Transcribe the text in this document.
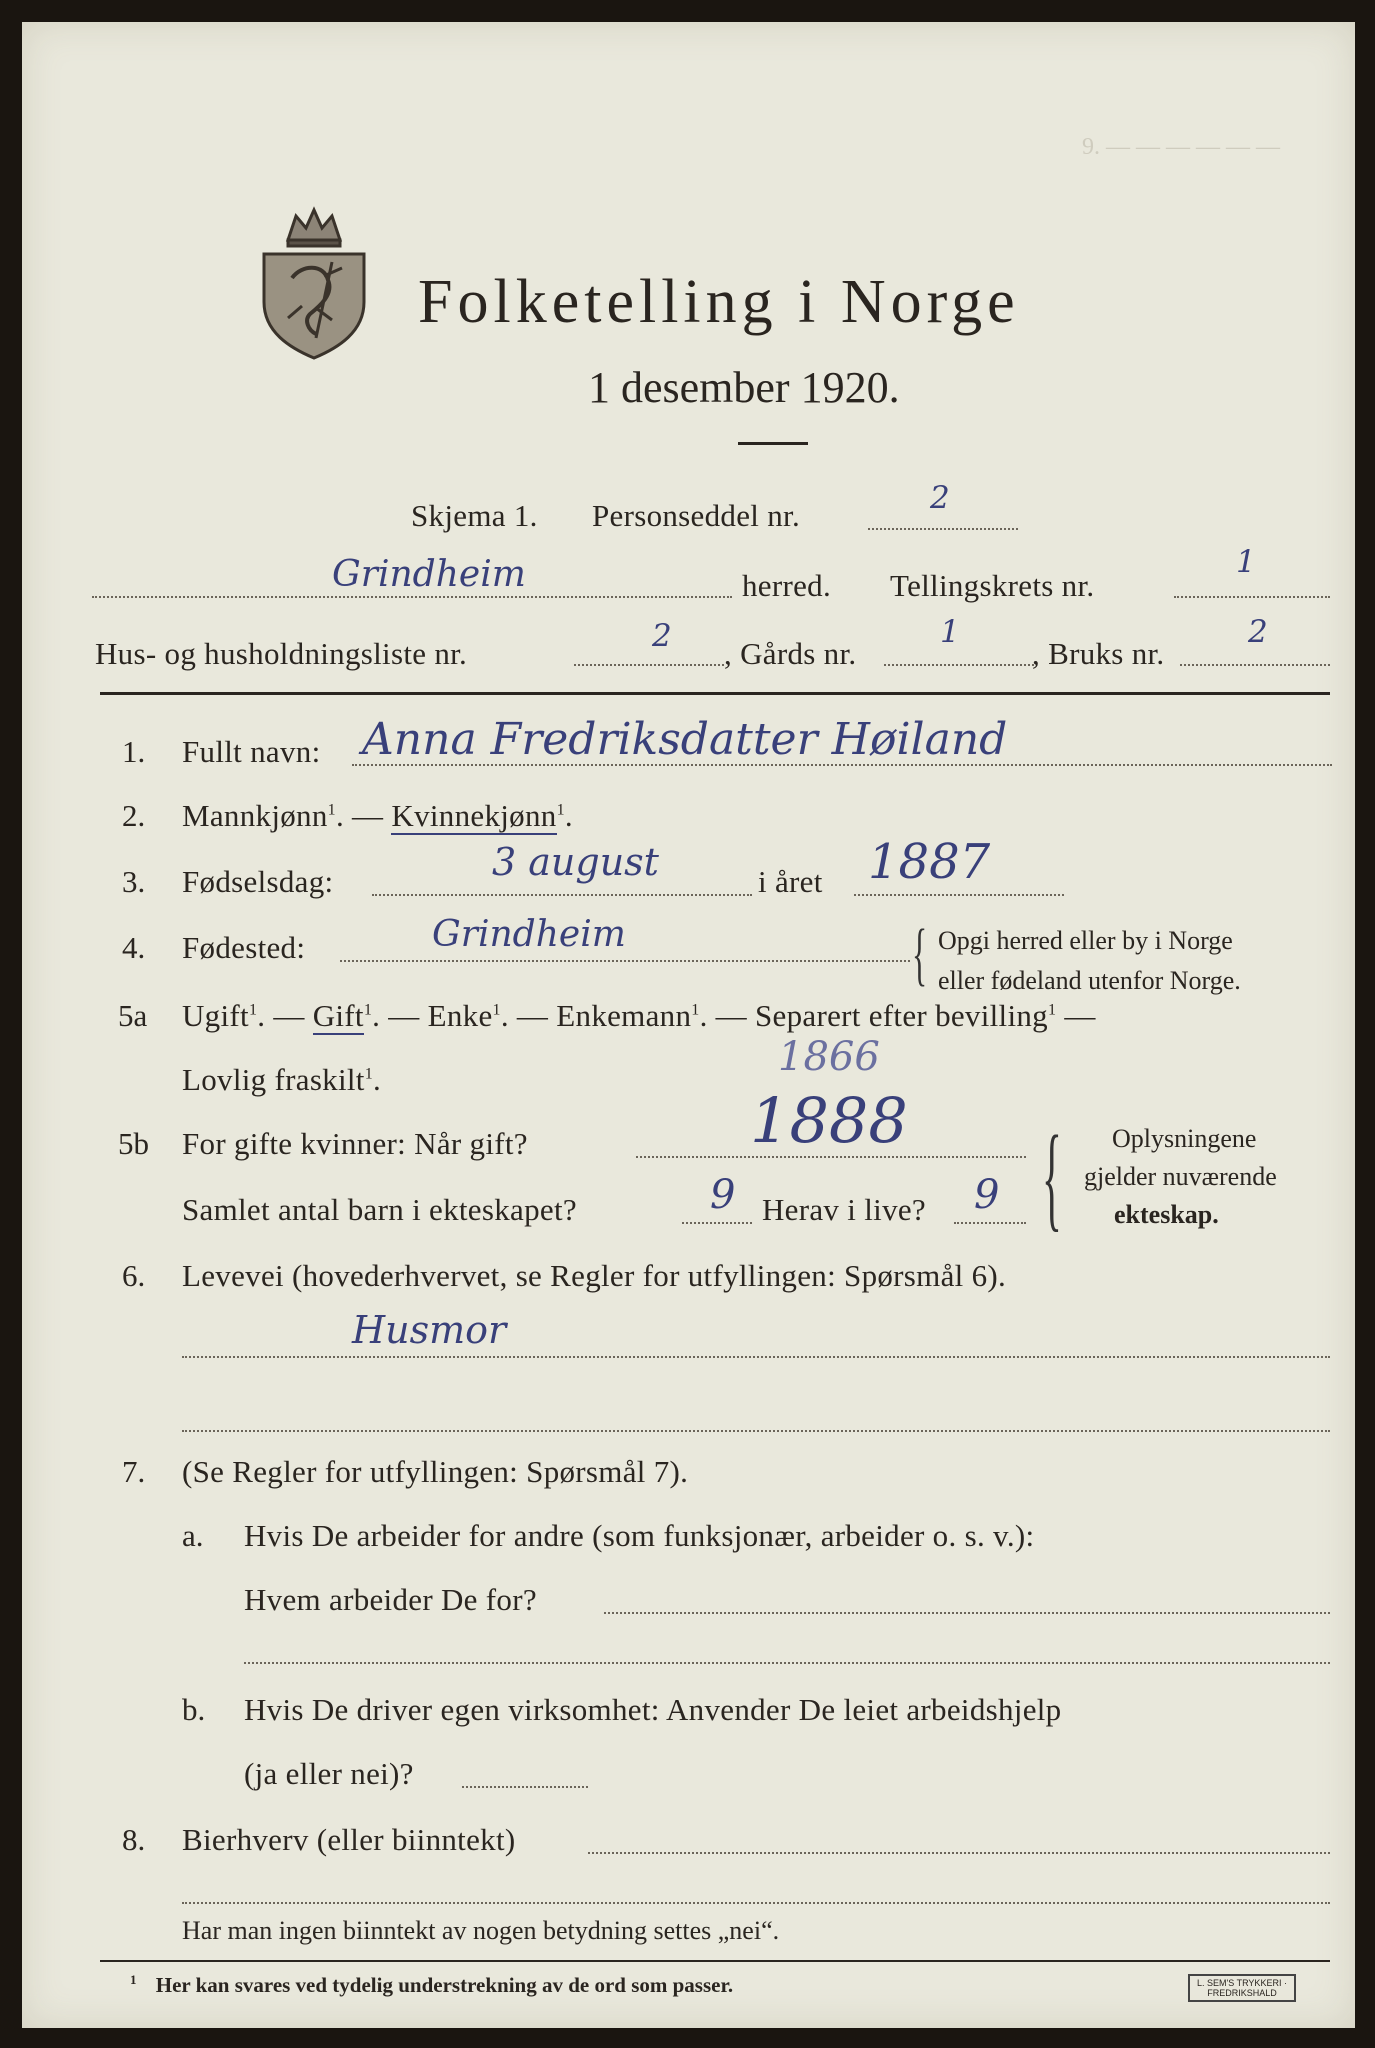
Folketelling i Norge
1 desember 1920.
Skjema 1. Personseddel nr.	2
Grindheim	herred. Tellingskrets nr.
1
Hus- og husholdningsliste nr.	2 , Gårds nr.
1
, Bruks nr.
2
1. Fullt navn: Anna Fredriksdatter Høiland
2. Mannkjønn$^1$. — Kvinnekjønn$^1$.
3. Fødselsdag:	3 august	i året 1887
4. Fødested:	Grindheim	{ Opgi herred eller by i Norge
eller fødeland utenfor Norge.
5a Ugift$^1$. — Gift$^1$. — Enke$^1$. — Enkemann$^1$. — Separert efter bevilling$^1$ —
Lovlig fraskilt$^1$.	1866
5b For gifte kvinner: Når gift?	1888
Samlet antal barn i ekteskapet?	9 Herav i live? 9 { Oplysningene
gjelder nuværende
ekteskap.
6. Levevei (hovederhvervet, se Regler for utfyllingen: Spørsmål 6).
Husmor
7. (Se Regler for utfyllingen: Spørsmål 7).
a. Hvis De arbeider for andre (som funksjonær, arbeider o. s. v.):
Hvem arbeider De for?
b. Hvis De driver egen virksomhet: Anvender De leiet arbeidshjelp
(ja eller nei)?
8. Bierhverv (eller biinntekt)
Har man ingen biinntekt av nogen betydning settes „nei“.
$^1$ Her kan svares ved tydelig understrekning av de ord som passer.	L. SEM'S TRYKKERI · FREDRIKSHALD
9. — — — — — —
